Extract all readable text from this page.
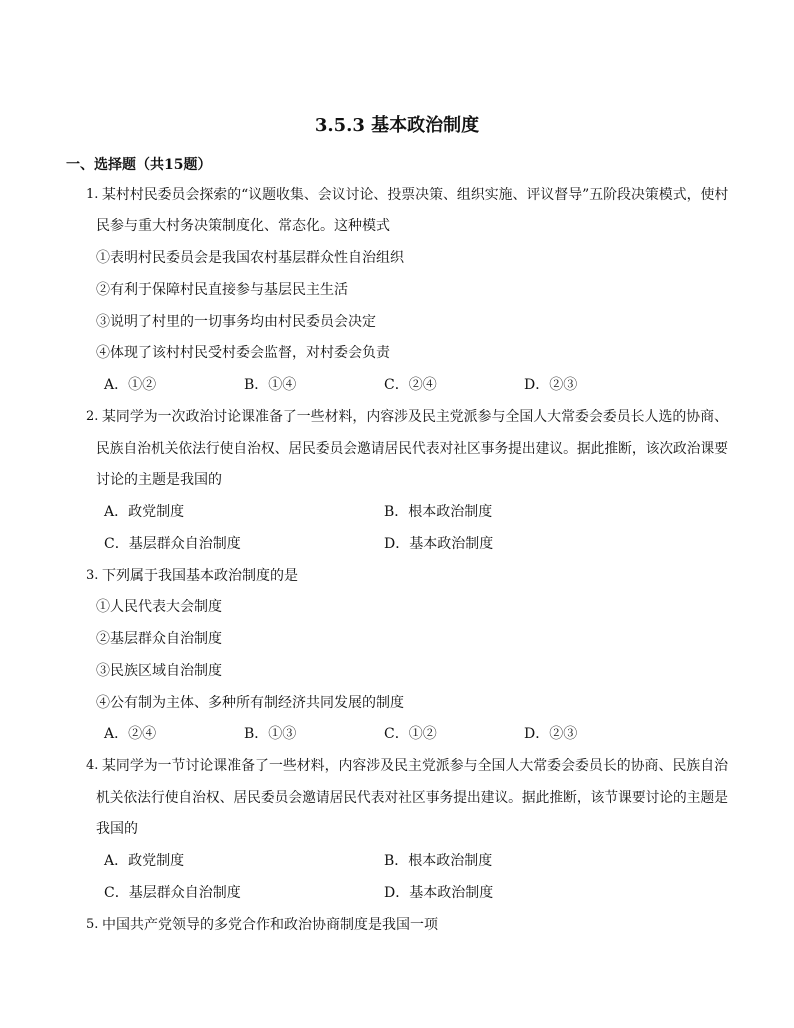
3.5.3 基本政治制度
一、选择题（共15题）
1. 某村村民委员会探索的“议题收集、会议讨论、投票决策、组织实施、评议督导”五阶段决策模式，使村
民参与重大村务决策制度化、常态化。这种模式
①表明村民委员会是我国农村基层群众性自治组织
②有利于保障村民直接参与基层民主生活
③说明了村里的一切事务均由村民委员会决定
④体现了该村村民受村委会监督，对村委会负责
A．①②	B．①④	C．②④	D．②③
2. 某同学为一次政治讨论课准备了一些材料，内容涉及民主党派参与全国人大常委会委员长人选的协商、
民族自治机关依法行使自治权、居民委员会邀请居民代表对社区事务提出建议。据此推断，该次政治课要
讨论的主题是我国的
A．政党制度	B．根本政治制度
C．基层群众自治制度	D．基本政治制度
3. 下列属于我国基本政治制度的是
①人民代表大会制度
②基层群众自治制度
③民族区域自治制度
④公有制为主体、多种所有制经济共同发展的制度
A．②④	B．①③	C．①②	D．②③
4. 某同学为一节讨论课准备了一些材料，内容涉及民主党派参与全国人大常委会委员长的协商、民族自治
机关依法行使自治权、居民委员会邀请居民代表对社区事务提出建议。据此推断，该节课要讨论的主题是
我国的
A．政党制度	B．根本政治制度
C．基层群众自治制度	D．基本政治制度
5. 中国共产党领导的多党合作和政治协商制度是我国一项
